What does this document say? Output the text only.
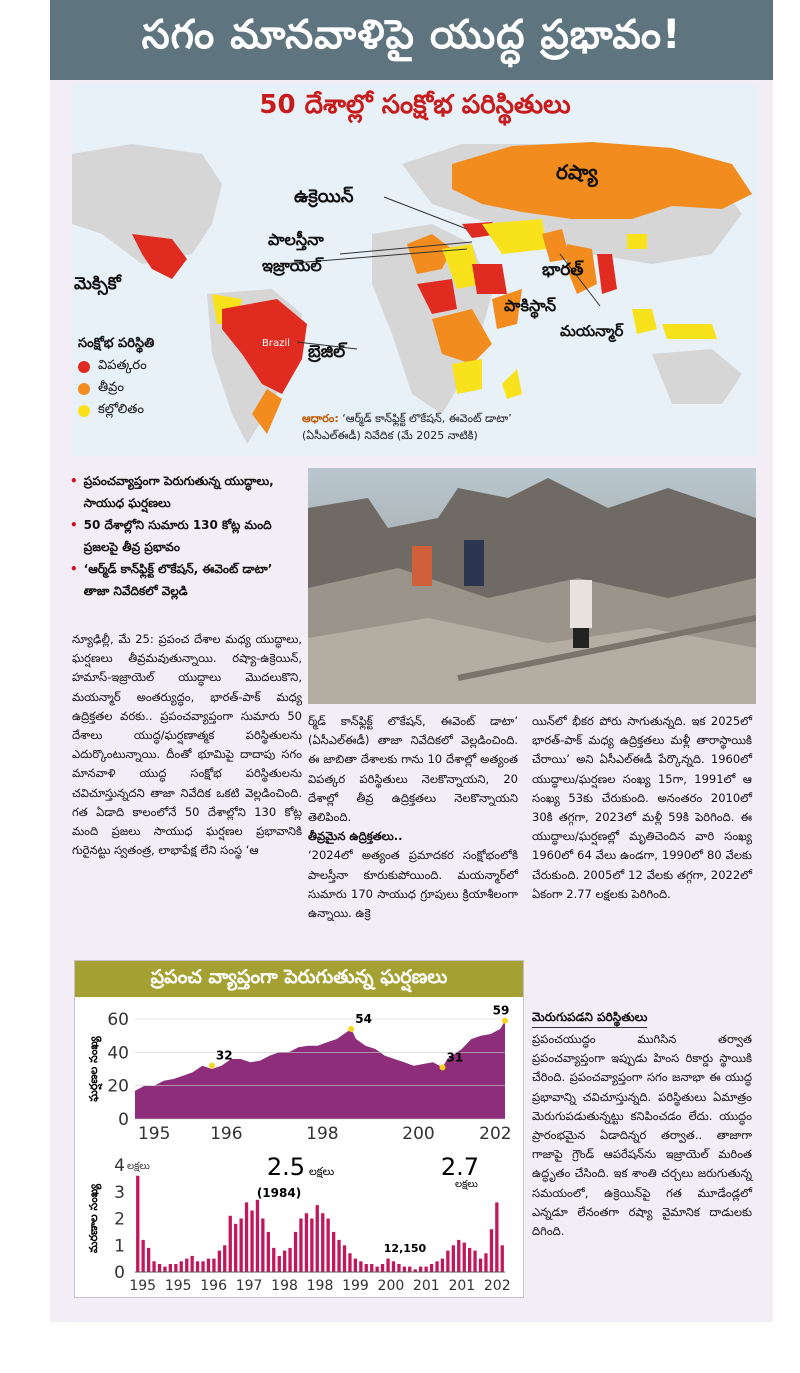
సగం మానవాళిపై యుద్ధ ప్రభావం!
50 దేశాల్లో సంక్షోభ పరిస్థితులు
రష్యా
ఉక్రెయిన్
పాలస్తీనా
ఇజ్రాయెల్
మెక్సికో
భారత్
పాకిస్థాన్
మయన్మార్
బ్రెజిల్
Brazil
సంక్షోభ పరిస్థితి
విపత్కరం
తీవ్రం
కల్లోలితం
ఆధారం: ‘ఆర్మ్‌డ్ కాన్‌ఫ్లిక్ట్ లొకేషన్, ఈవెంట్ డాటా’
(ఏసీఎల్ఈడీ) నివేదిక (మే 2025 నాటికి)
• ప్రపంచవ్యాప్తంగా పెరుగుతున్న యుద్ధాలు, సాయుధ ఘర్షణలు
• 50 దేశాల్లోని సుమారు 130 కోట్ల మంది ప్రజలపై తీవ్ర ప్రభావం
• ‘ఆర్మ్‌డ్ కాన్‌ఫ్లిక్ట్ లొకేషన్, ఈవెంట్ డాటా’ తాజా నివేదికలో వెల్లడి
న్యూఢిల్లీ, మే 25: ప్రపంచ దేశాల మధ్య యుద్ధాలు, ఘర్షణలు తీవ్రమవుతున్నాయి. రష్యా-ఉక్రెయిన్, హమాస్-ఇజ్రాయెల్ యుద్ధాలు మొదలుకొని, మయన్మార్ అంతర్యుద్ధం, భారత్-పాక్ మధ్య ఉద్రిక్తతల వరకు.. ప్రపంచవ్యాప్తంగా సుమారు 50 దేశాలు యుద్ధ/ఘర్షణాత్మక పరిస్థితులను ఎదుర్కొంటున్నాయి. దీంతో భూమిపై దాదాపు సగం మానవాళి యుద్ధ సంక్షోభ పరిస్థితులను చవిచూస్తున్నదని తాజా నివేదిక ఒకటి వెల్లడించింది. గత ఏడాది కాలంలోనే 50 దేశాల్లోని 130 కోట్ల మంది ప్రజలు సాయుధ ఘర్షణల ప్రభావానికి గురైనట్టు స్వతంత్ర, లాభాపేక్ష లేని సంస్థ ‘ఆ
ర్మ్‌డ్ కాన్‌ఫ్లిక్ట్ లొకేషన్, ఈవెంట్ డాటా’ (ఏసీఎల్ఈడీ) తాజా నివేదికలో వెల్లడించింది. ఈ జాబితా దేశాలకు గాను 10 దేశాల్లో అత్యంత విపత్కర పరిస్థితులు నెలకొన్నాయని, 20 దేశాల్లో తీవ్ర ఉద్రిక్తతలు నెలకొన్నాయని తెలిపింది.
తీవ్రమైన ఉద్రిక్తతలు..
‘2024లో అత్యంత ప్రమాదకర సంక్షోభంలోకి పాలస్తీనా కూరుకుపోయింది. మయన్మార్‌లో సుమారు 170 సాయుధ గ్రూపులు క్రియాశీలంగా ఉన్నాయి. ఉక్రె
యిన్‌లో భీకర పోరు సాగుతున్నది. ఇక 2025లో భారత్-పాక్ మధ్య ఉద్రిక్తతలు మళ్లీ తారాస్థాయికి చేరాయి’ అని ఏసీఎల్ఈడీ పేర్కొన్నది. 1960లో యుద్ధాలు/ఘర్షణల సంఖ్య 15గా, 1991లో ఆ సంఖ్య 53కు చేరుకుంది. అనంతరం 2010లో 30కి తగ్గగా, 2023లో మళ్లీ 59కి పెరిగింది. ఈ యుద్ధాలు/ఘర్షణల్లో మృతిచెందిన వారి సంఖ్య 1960లో 64 వేలు ఉండగా, 1990లో 80 వేలకు చేరుకుంది. 2005లో 12 వేలకు తగ్గగా, 2022లో ఏకంగా 2.77 లక్షలకు పెరిగింది.
మెరుగుపడని పరిస్థితులు
ప్రపంచయుద్ధం ముగిసిన తర్వాత ప్రపంచవ్యాప్తంగా ఇప్పుడు హింస రికార్డు స్థాయికి చేరింది. ప్రపంచవ్యాప్తంగా సగం జనాభా ఈ యుద్ధ ప్రభావాన్ని చవిచూస్తున్నది. పరిస్థితులు ఏమాత్రం మెరుగుపడుతున్నట్టు కనిపించడం లేదు. యుద్ధం ప్రారంభమైన ఏడాదిన్నర తర్వాత.. తాజాగా గాజాపై గ్రౌండ్ ఆపరేషన్‌ను ఇజ్రాయెల్ మరింత ఉద్ధృతం చేసింది. ఇక శాంతి చర్చలు జరుగుతున్న సమయంలో, ఉక్రెయిన్‌పై గత మూడేండ్లలో ఎన్నడూ లేనంతగా రష్యా వైమానిక దాడులకు దిగింది.
ప్రపంచ వ్యాప్తంగా పెరుగుతున్న ఘర్షణలు
60
40
20
0
ఘర్షణల సంఖ్య
195 196	198	200	202
32
54
31
59
4
3
2
1
0
లక్షలు
మరణాల సంఖ్య
195 195 196 197 198 198 199 200 201 201 202
2.5 లక్షలు
(1984)
12,150
2.7
లక్షలు
